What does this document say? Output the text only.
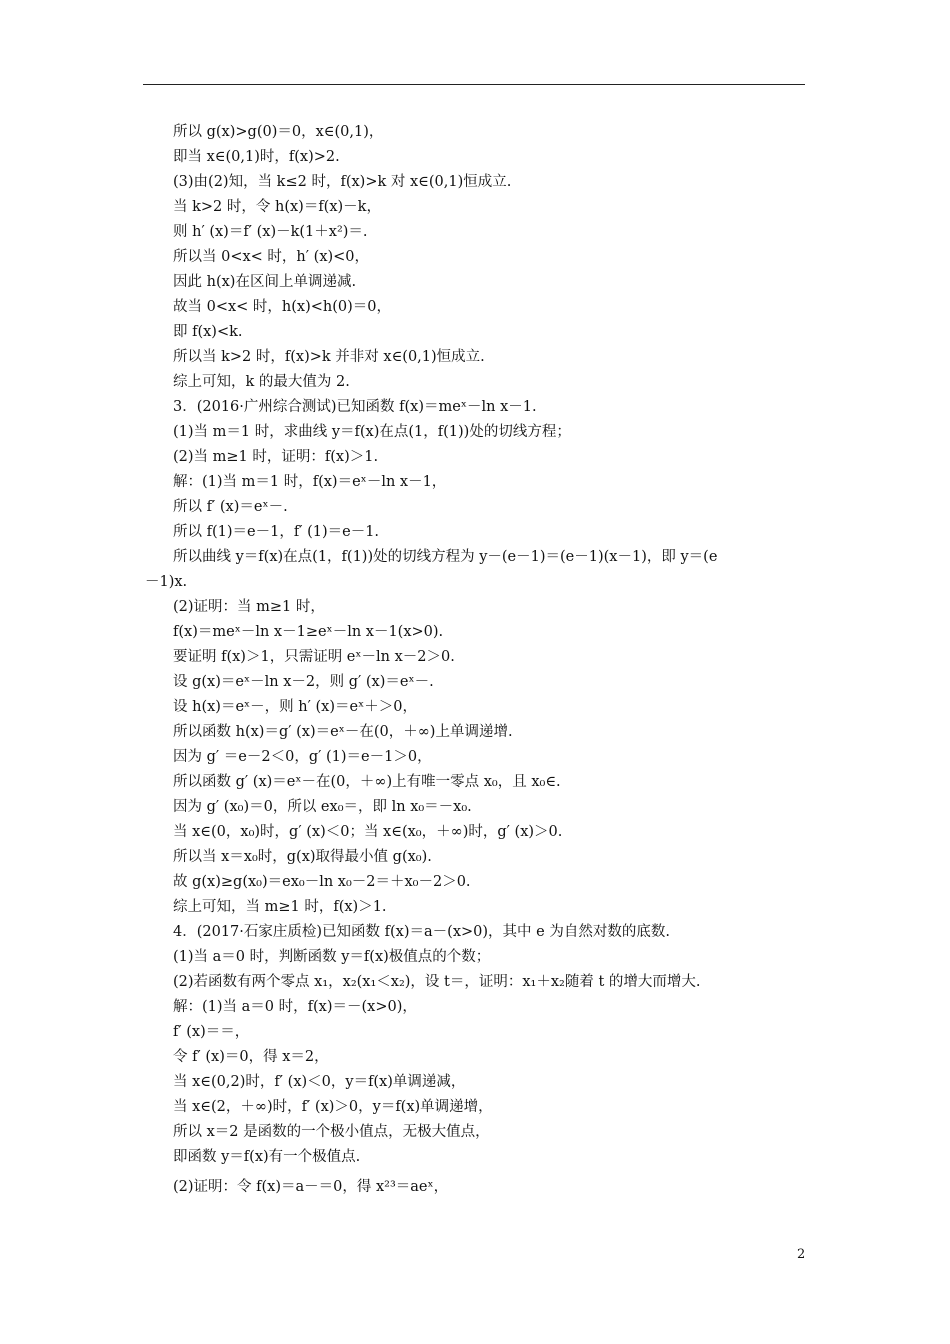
所以 g(x)>g(0)＝0，x∈(0,1)，
即当 x∈(0,1)时，f(x)>2.
(3)由(2)知，当 k≤2 时，f(x)>k 对 x∈(0,1)恒成立.
当 k>2 时，令 h(x)＝f(x)－k，
则 h′ (x)＝f′ (x)－k(1＋x²)＝.
所以当 0<x< 时，h′ (x)<0，
因此 h(x)在区间上单调递减.
故当 0<x< 时，h(x)<h(0)＝0，
即 f(x)<k.
所以当 k>2 时，f(x)>k 并非对 x∈(0,1)恒成立.
综上可知，k 的最大值为 2.
3．(2016·广州综合测试)已知函数 f(x)＝meˣ－ln x－1.
(1)当 m＝1 时，求曲线 y＝f(x)在点(1，f(1))处的切线方程；
(2)当 m≥1 时，证明：f(x)＞1.
解：(1)当 m＝1 时，f(x)＝eˣ－ln x－1，
所以 f′ (x)＝eˣ－.
所以 f(1)＝e－1，f′ (1)＝e－1.
所以曲线 y＝f(x)在点(1，f(1))处的切线方程为 y－(e－1)＝(e－1)(x－1)，即 y＝(e
－1)x.
(2)证明：当 m≥1 时，
f(x)＝meˣ－ln x－1≥eˣ－ln x－1(x>0).
要证明 f(x)＞1，只需证明 eˣ－ln x－2＞0.
设 g(x)＝eˣ－ln x－2，则 g′ (x)＝eˣ－.
设 h(x)＝eˣ－，则 h′ (x)＝eˣ＋＞0，
所以函数 h(x)＝g′ (x)＝eˣ－在(0，＋∞)上单调递增.
因为 g′ ＝e－2＜0，g′ (1)＝e－1＞0，
所以函数 g′ (x)＝eˣ－在(0，＋∞)上有唯一零点 x₀，且 x₀∈.
因为 g′ (x₀)＝0，所以 ex₀＝，即 ln x₀＝－x₀.
当 x∈(0，x₀)时，g′ (x)＜0；当 x∈(x₀，＋∞)时，g′ (x)＞0.
所以当 x＝x₀时，g(x)取得最小值 g(x₀).
故 g(x)≥g(x₀)＝ex₀－ln x₀－2＝＋x₀－2＞0.
综上可知，当 m≥1 时，f(x)＞1.
4．(2017·石家庄质检)已知函数 f(x)＝a－(x>0)，其中 e 为自然对数的底数.
(1)当 a＝0 时，判断函数 y＝f(x)极值点的个数；
(2)若函数有两个零点 x₁，x₂(x₁＜x₂)，设 t＝，证明：x₁＋x₂随着 t 的增大而增大.
解：(1)当 a＝0 时，f(x)＝－(x>0)，
f′ (x)＝＝，
令 f′ (x)＝0，得 x＝2，
当 x∈(0,2)时，f′ (x)＜0，y＝f(x)单调递减，
当 x∈(2，＋∞)时，f′ (x)＞0，y＝f(x)单调递增，
所以 x＝2 是函数的一个极小值点，无极大值点，
即函数 y＝f(x)有一个极值点.
(2)证明：令 f(x)＝a－＝0，得 x²³＝aeˣ，
2
